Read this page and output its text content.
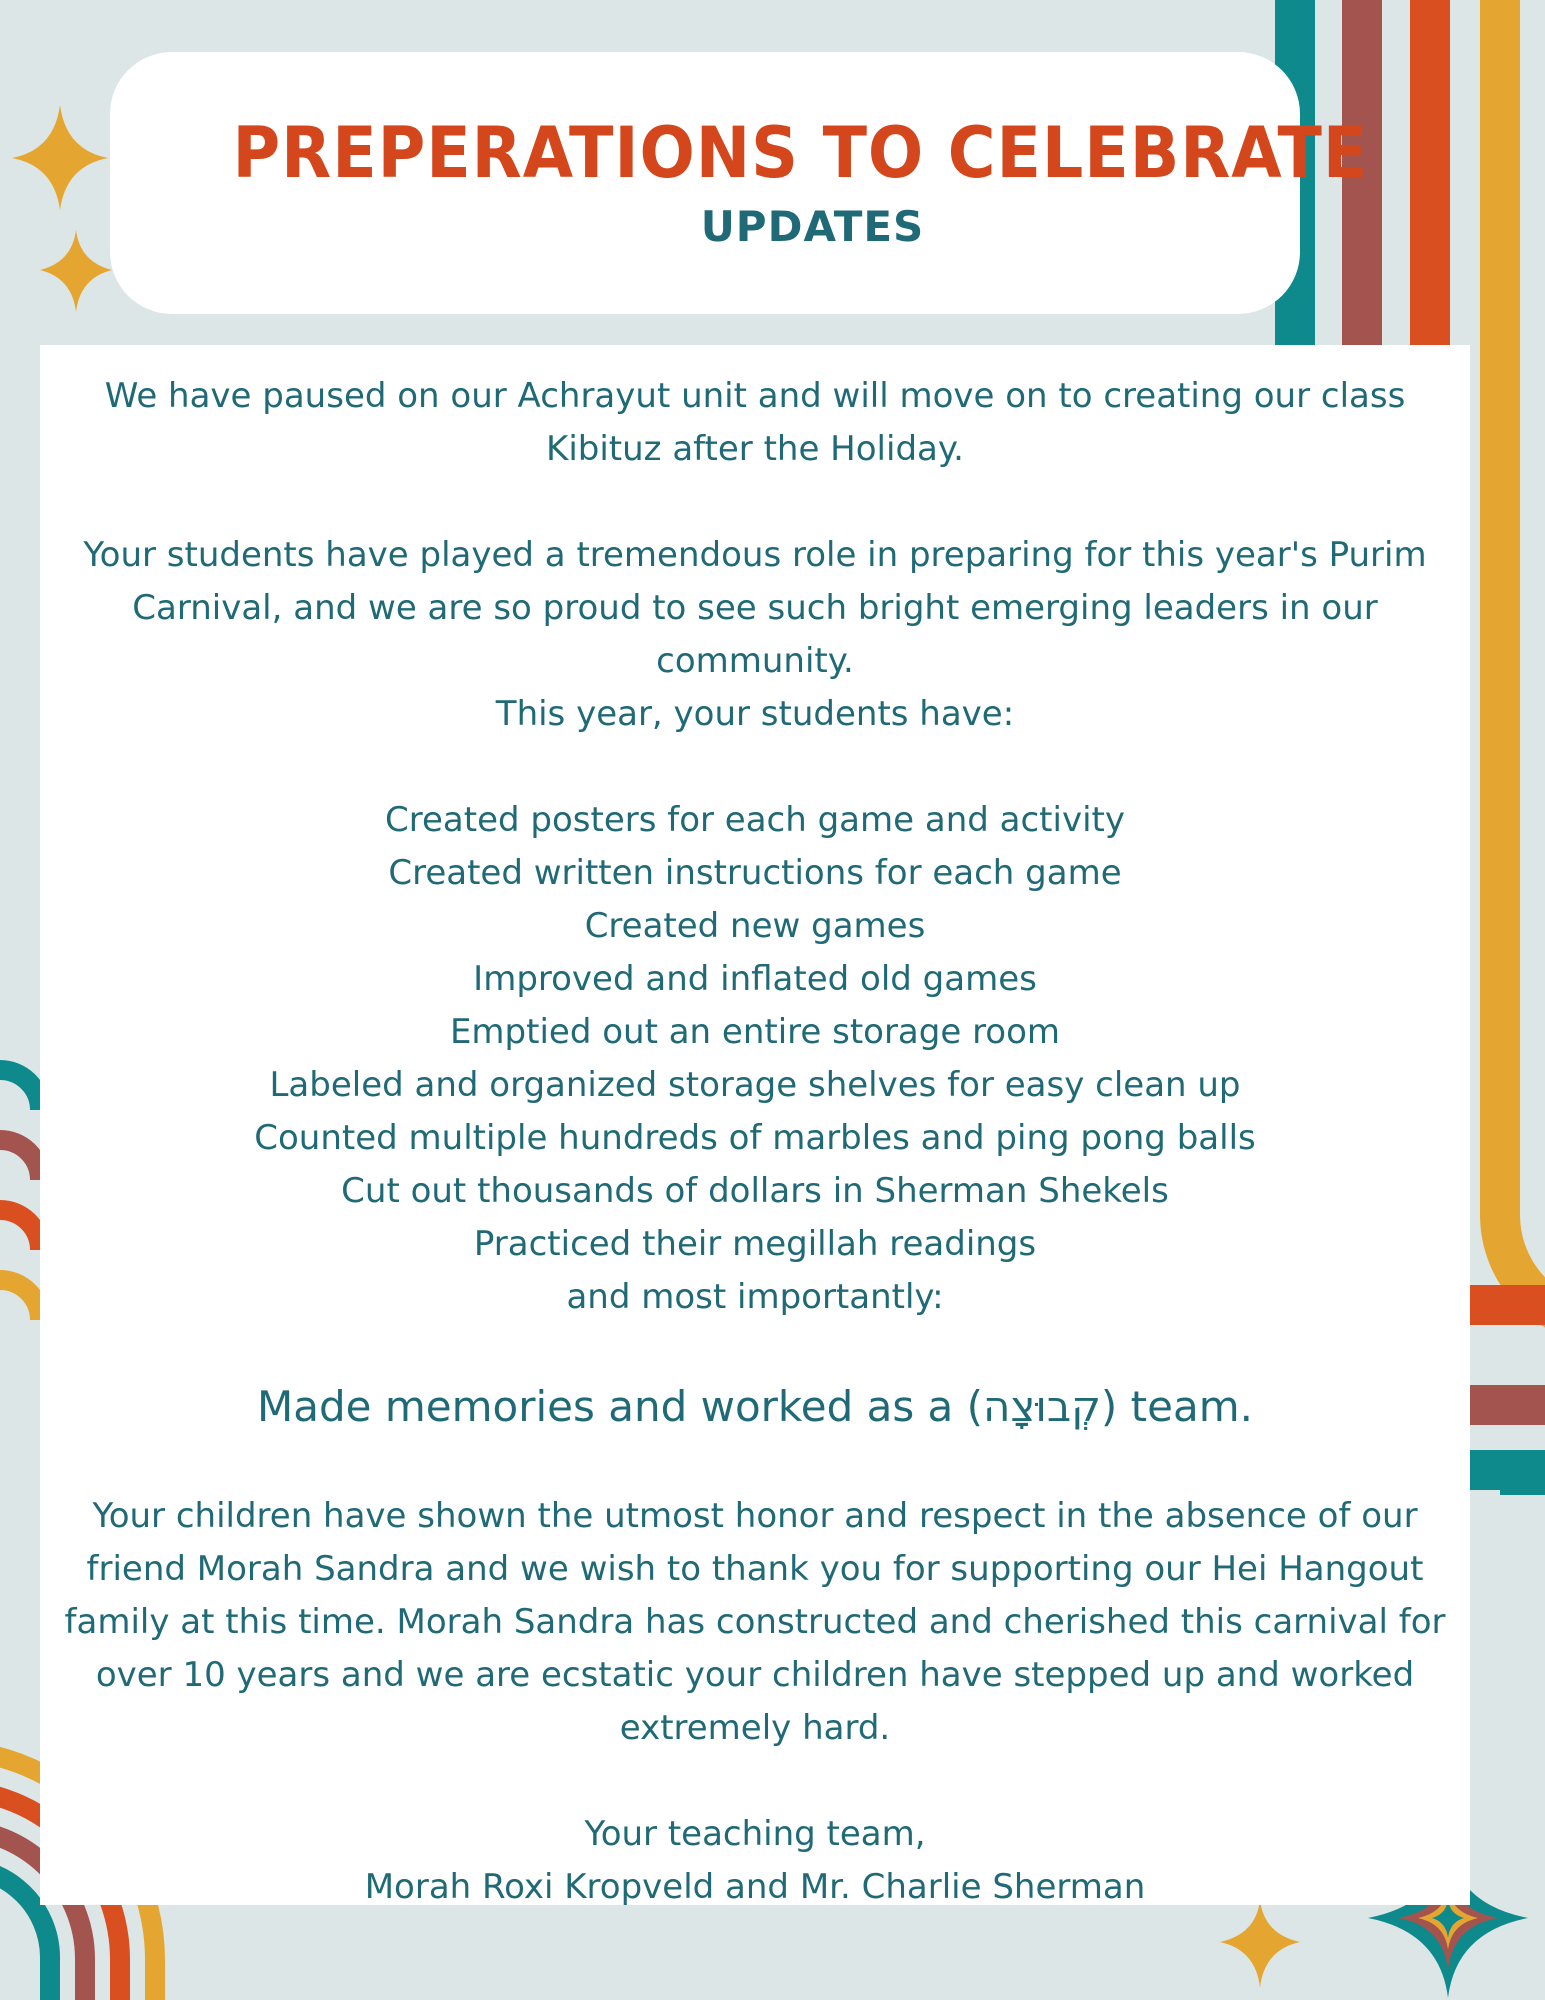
PREPERATIONS TO CELEBRATE
UPDATES

We have paused on our Achrayut unit and will move on to creating our class Kibituz after the Holiday.

Your students have played a tremendous role in preparing for this year's Purim Carnival, and we are so proud to see such bright emerging leaders in our community.

This year, your students have:

Created posters for each game and activity

Created written instructions for each game

Created new games

Improved and inflated old games

Emptied out an entire storage room

Labeled and organized storage shelves for easy clean up

Counted multiple hundreds of marbles and ping pong balls

Cut out thousands of dollars in Sherman Shekels

Practiced their megillah readings

and most importantly:

Made memories and worked as a (קְבוּצָה) team.

Your children have shown the utmost honor and respect in the absence of our friend Morah Sandra and we wish to thank you for supporting our Hei Hangout family at this time. Morah Sandra has constructed and cherished this carnival for over 10 years and we are ecstatic your children have stepped up and worked extremely hard.

Your teaching team,

Morah Roxi Kropveld and Mr. Charlie Sherman
